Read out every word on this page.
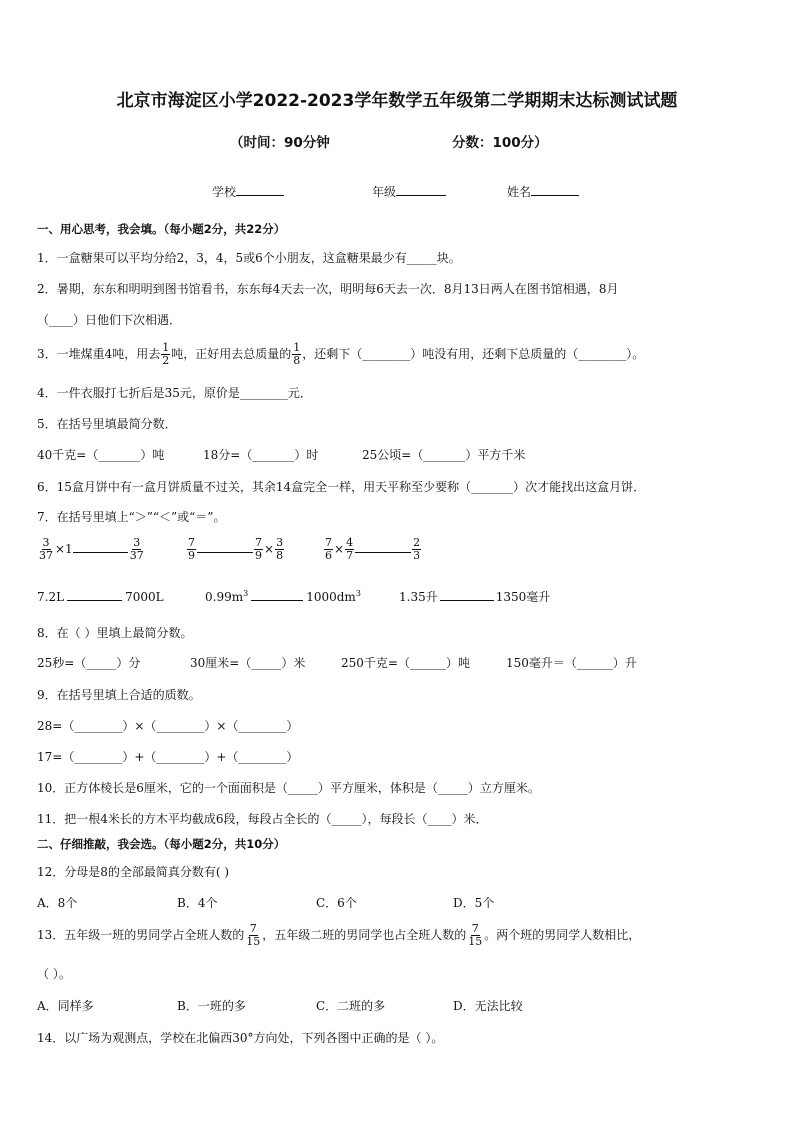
北京市海淀区小学2022-2023学年数学五年级第二学期期末达标测试试题
（时间：90分钟	分数：100分）
学校	年级	姓名
一、用心思考，我会填。（每小题2分，共22分）
1．一盒糖果可以平均分给2，3，4，5或6个小朋友，这盒糖果最少有_____块。
2．暑期，东东和明明到图书馆看书，东东每4天去一次，明明每6天去一次．8月13日两人在图书馆相遇，8月
（____）日他们下次相遇．
3．一堆煤重4吨，用去 $\frac{1}{2}$ 吨，正好用去总质量的 $\frac{1}{8}$ ，还剩下（________）吨没有用，还剩下总质量的（________）。
4．一件衣服打七折后是35元，原价是________元．
5．在括号里填最简分数．
40千克=（_______）吨	18分=（_______）时	25公顷=（_______）平方千米
6．15盒月饼中有一盒月饼质量不过关，其余14盒完全一样，用天平称至少要称（_______）次才能找出这盒月饼．
7．在括号里填上“＞”“＜”或“＝”。
$\frac{3}{37} \times 1$	$\frac{3}{37}$	$\frac{7}{9}$	$\frac{7}{9} \times \frac{3}{8}$	$\frac{7}{6} \times \frac{4}{7}$	$\frac{2}{3}$
7.2L	7000L	$0.99m^3$	$1000dm^3$	1.35升	1350毫升
8．在（ ）里填上最简分数。
25秒=（_____）分	30厘米=（_____）米	250千克=（______）吨	150毫升＝（______）升
9．在括号里填上合适的质数。
28=（________）×（________）×（________）
17=（________）+（________）+（________）
10．正方体棱长是6厘米，它的一个面面积是（_____）平方厘米，体积是（_____）立方厘米。
11．把一根4米长的方木平均截成6段，每段占全长的（_____），每段长（____）米．
二、仔细推敲，我会选。（每小题2分，共10分）
12．分母是8的全部最简真分数有( )
A．8个	B．4个	C．6个	D．5个
13．五年级一班的男同学占全班人数的 $\frac{7}{15}$ ，五年级二班的男同学也占全班人数的 $\frac{7}{15}$ 。两个班的男同学人数相比，
（ ）。
A．同样多	B．一班的多	C．二班的多	D．无法比较
14．以广场为观测点，学校在北偏西30°方向处，下列各图中正确的是（ ）。
